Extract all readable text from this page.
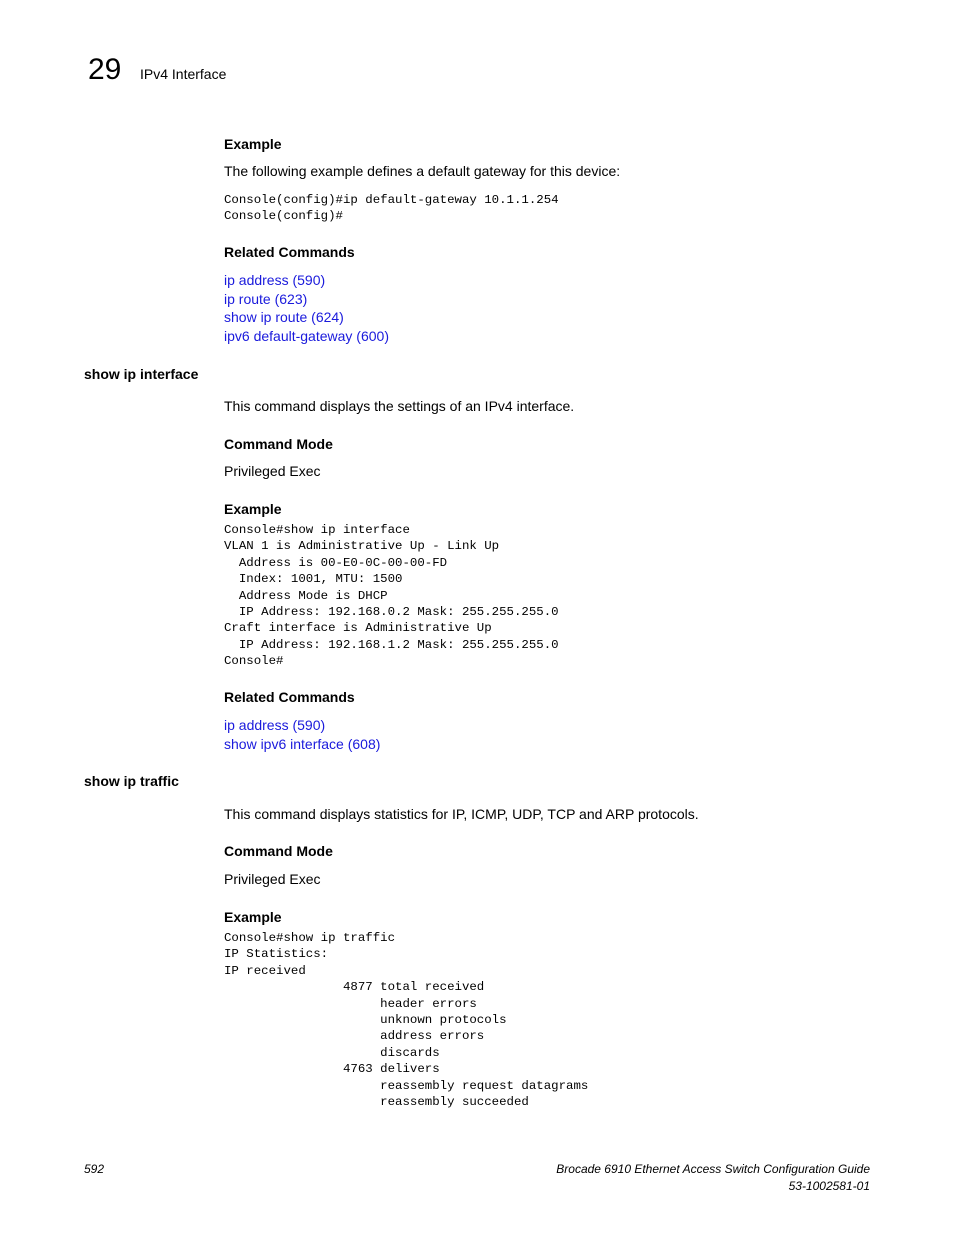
29 IPv4 Interface
Example
The following example defines a default gateway for this device:
Console(config)#ip default-gateway 10.1.1.254
Console(config)#
Related Commands
ip address (590)
ip route (623)
show ip route (624)
ipv6 default-gateway (600)
show ip interface
This command displays the settings of an IPv4 interface.
Command Mode
Privileged Exec
Example
Console#show ip interface
VLAN 1 is Administrative Up - Link Up
Address is 00-E0-0C-00-00-FD
Index: 1001, MTU: 1500
Address Mode is DHCP
IP Address: 192.168.0.2 Mask: 255.255.255.0
Craft interface is Administrative Up
IP Address: 192.168.1.2 Mask: 255.255.255.0
Console#
Related Commands
ip address (590)
show ipv6 interface (608)
show ip traffic
This command displays statistics for IP, ICMP, UDP, TCP and ARP protocols.
Command Mode
Privileged Exec
Example
Console#show ip traffic
IP Statistics:
IP received
4877 total received
header errors
unknown protocols
address errors
discards
4763 delivers
reassembly request datagrams
reassembly succeeded
592	Brocade 6910 Ethernet Access Switch Configuration Guide
53-1002581-01
